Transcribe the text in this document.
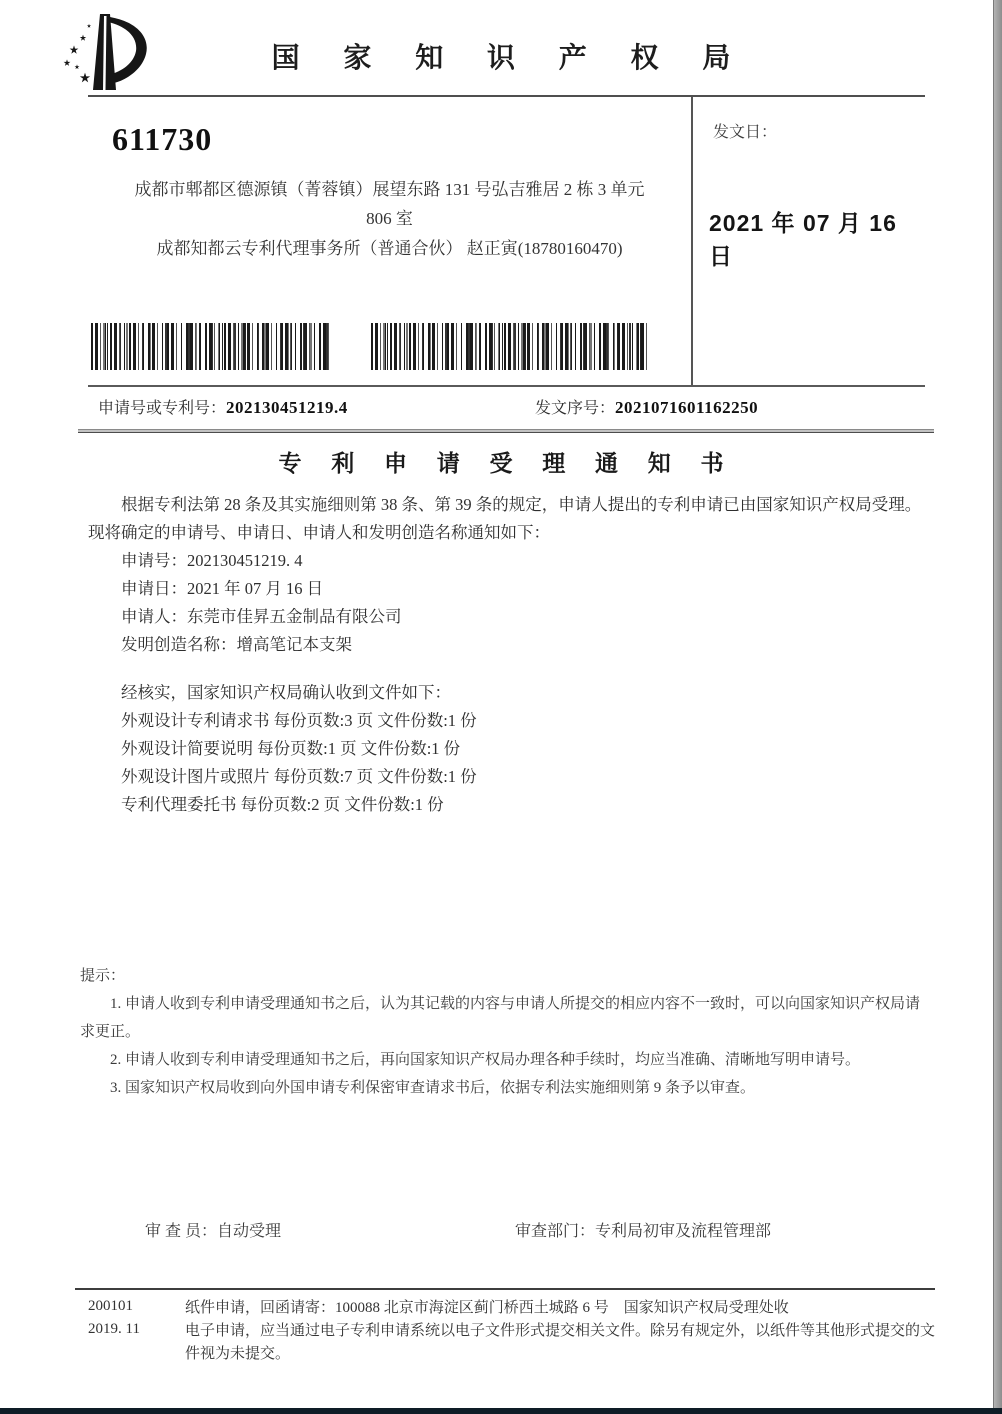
国 家 知 识 产 权 局
611730
成都市郫都区德源镇（菁蓉镇）展望东路 131 号弘吉雅居 2 栋 3 单元
806 室
成都知都云专利代理事务所（普通合伙） 赵正寅(18780160470)
发文日：
2021 年 07 月 16 日
申请号或专利号：202130451219.4	发文序号：2021071601162250
专 利 申 请 受 理 通 知 书

根据专利法第 28 条及其实施细则第 38 条、第 39 条的规定，申请人提出的专利申请已由国家知识产权局受理。现将确定的申请号、申请日、申请人和发明创造名称通知如下：

申请号：202130451219. 4

申请日：2021 年 07 月 16 日

申请人：东莞市佳昇五金制品有限公司

发明创造名称：增高笔记本支架

经核实，国家知识产权局确认收到文件如下：

外观设计专利请求书 每份页数:3 页 文件份数:1 份

外观设计简要说明 每份页数:1 页 文件份数:1 份

外观设计图片或照片 每份页数:7 页 文件份数:1 份

专利代理委托书 每份页数:2 页 文件份数:1 份

提示：

1. 申请人收到专利申请受理通知书之后，认为其记载的内容与申请人所提交的相应内容不一致时，可以向国家知识产权局请求更正。

2. 申请人收到专利申请受理通知书之后，再向国家知识产权局办理各种手续时，均应当准确、清晰地写明申请号。

3. 国家知识产权局收到向外国申请专利保密审查请求书后，依据专利法实施细则第 9 条予以审查。

审 查 员：自动受理	审查部门：专利局初审及流程管理部
200101
2019. 11

纸件申请，回函请寄：100088 北京市海淀区蓟门桥西土城路 6 号　国家知识产权局受理处收

电子申请，应当通过电子专利申请系统以电子文件形式提交相关文件。除另有规定外，以纸件等其他形式提交的文件视为未提交。
